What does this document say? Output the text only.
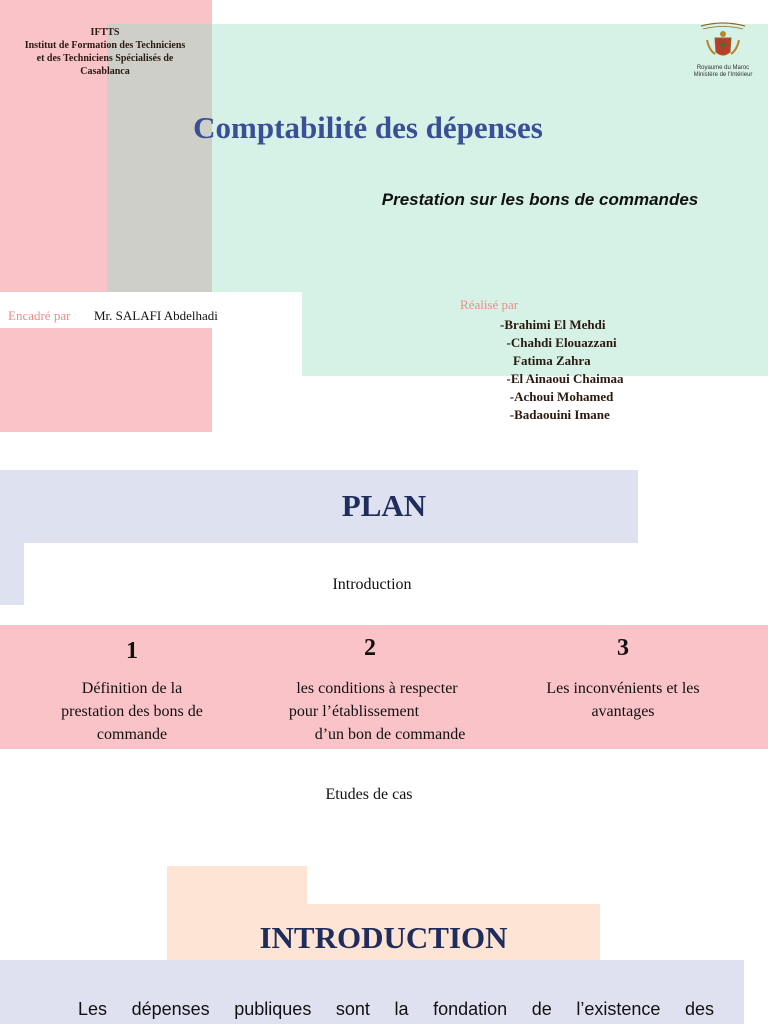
IFTTS
Institut de Formation des Techniciens
et des Techniciens Spécialisés de
Casablanca	Royaume du Maroc
Ministère de l'Intérieur
Comptabilité des dépenses
Prestation sur les bons de commandes
Encadré par Mr. SALAFI Abdelhadi
Réalisé par
-Brahimi El Mehdi
-Chahdi Elouazzani
Fatima Zahra
-El Ainaoui Chaimaa
-Achoui Mohamed
-Badaouini Imane
PLAN
Introduction
1
Définition de la
prestation des bons de
commande
2
les conditions à respecter
pour l’établissement
d’un bon de commande
3
Les inconvénients et les
avantages
Etudes de cas
INTRODUCTION
Les dépenses publiques sont la fondation de l’existence des
